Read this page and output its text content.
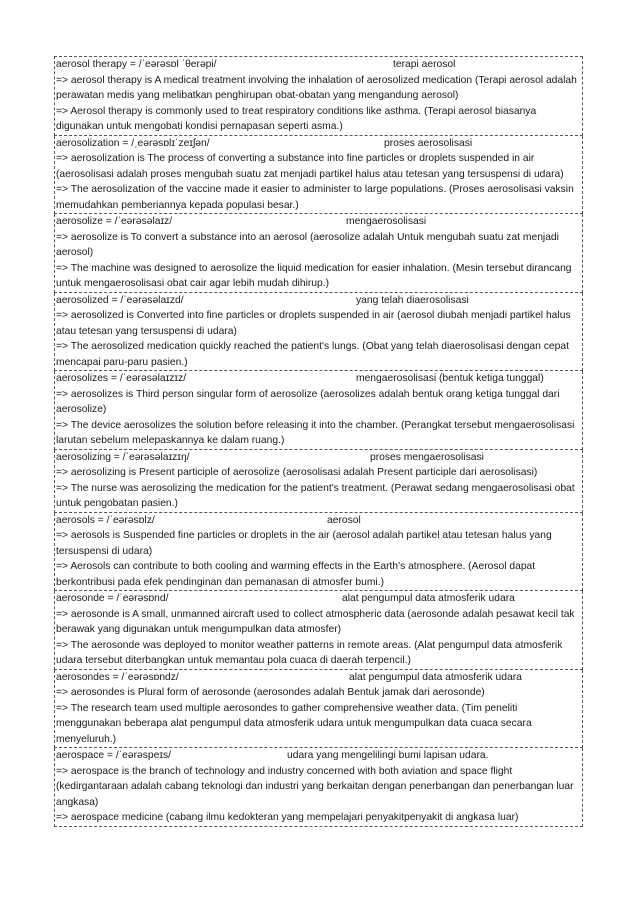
aerosol therapy = /ˈeərəsɒl ˈθerəpi/	terapi aerosol

=> aerosol therapy is A medical treatment involving the inhalation of aerosolized medication (Terapi aerosol adalah perawatan medis yang melibatkan penghirupan obat-obatan yang mengandung aerosol)

=> Aerosol therapy is commonly used to treat respiratory conditions like asthma. (Terapi aerosol biasanya digunakan untuk mengobati kondisi pernapasan seperti asma.)

aerosolization = /ˌeərəsɒlɪˈzeɪʃən/	proses aerosolisasi

=> aerosolization is The process of converting a substance into fine particles or droplets suspended in air (aerosolisasi adalah proses mengubah suatu zat menjadi partikel halus atau tetesan yang tersuspensi di udara)

=> The aerosolization of the vaccine made it easier to administer to large populations. (Proses aerosolisasi vaksin memudahkan pemberiannya kepada populasi besar.)

aerosolize = /ˈeərəsəlaɪz/	mengaerosolisasi

=> aerosolize is To convert a substance into an aerosol (aerosolize adalah Untuk mengubah suatu zat menjadi aerosol)

=> The machine was designed to aerosolize the liquid medication for easier inhalation. (Mesin tersebut dirancang untuk mengaerosolisasi obat cair agar lebih mudah dihirup.)

aerosolized = /ˈeərəsəlaɪzd/	yang telah diaerosolisasi

=> aerosolized is Converted into fine particles or droplets suspended in air (aerosol diubah menjadi partikel halus atau tetesan yang tersuspensi di udara)

=> The aerosolized medication quickly reached the patient's lungs. (Obat yang telah diaerosolisasi dengan cepat mencapai paru-paru pasien.)

aerosolizes = /ˈeərəsəlaɪzɪz/	mengaerosolisasi (bentuk ketiga tunggal)

=> aerosolizes is Third person singular form of aerosolize (aerosolizes adalah bentuk orang ketiga tunggal dari aerosolize)

=> The device aerosolizes the solution before releasing it into the chamber. (Perangkat tersebut mengaerosolisasi larutan sebelum melepaskannya ke dalam ruang.)

aerosolizing = /ˈeərəsəlaɪzɪŋ/	proses mengaerosolisasi

=> aerosolizing is Present participle of aerosolize (aerosolisasi adalah Present participle dari aerosolisasi)

=> The nurse was aerosolizing the medication for the patient's treatment. (Perawat sedang mengaerosolisasi obat untuk pengobatan pasien.)

aerosols = /ˈeərəsɒlz/	aerosol

=> aerosols is Suspended fine particles or droplets in the air (aerosol adalah partikel atau tetesan halus yang tersuspensi di udara)

=> Aerosols can contribute to both cooling and warming effects in the Earth's atmosphere. (Aerosol dapat berkontribusi pada efek pendinginan dan pemanasan di atmosfer bumi.)

aerosonde = /ˈeərəsɒnd/	alat pengumpul data atmosferik udara

=> aerosonde is A small, unmanned aircraft used to collect atmospheric data (aerosonde adalah pesawat kecil tak berawak yang digunakan untuk mengumpulkan data atmosfer)

=> The aerosonde was deployed to monitor weather patterns in remote areas. (Alat pengumpul data atmosferik udara tersebut diterbangkan untuk memantau pola cuaca di daerah terpencil.)

aerosondes = /ˈeərəsɒndz/	alat pengumpul data atmosferik udara

=> aerosondes is Plural form of aerosonde (aerosondes adalah Bentuk jamak dari aerosonde)

=> The research team used multiple aerosondes to gather comprehensive weather data. (Tim peneliti menggunakan beberapa alat pengumpul data atmosferik udara untuk mengumpulkan data cuaca secara menyeluruh.)

aerospace = /ˈeərəspeɪs/	udara yang mengelilingi bumi lapisan udara.

=> aerospace is the branch of technology and industry concerned with both aviation and space flight (kedirgantaraan adalah cabang teknologi dan industri yang berkaitan dengan penerbangan dan penerbangan luar angkasa)

=> aerospace medicine (cabang ilmu kedokteran yang mempelajari penyakitpenyakit di angkasa luar)
